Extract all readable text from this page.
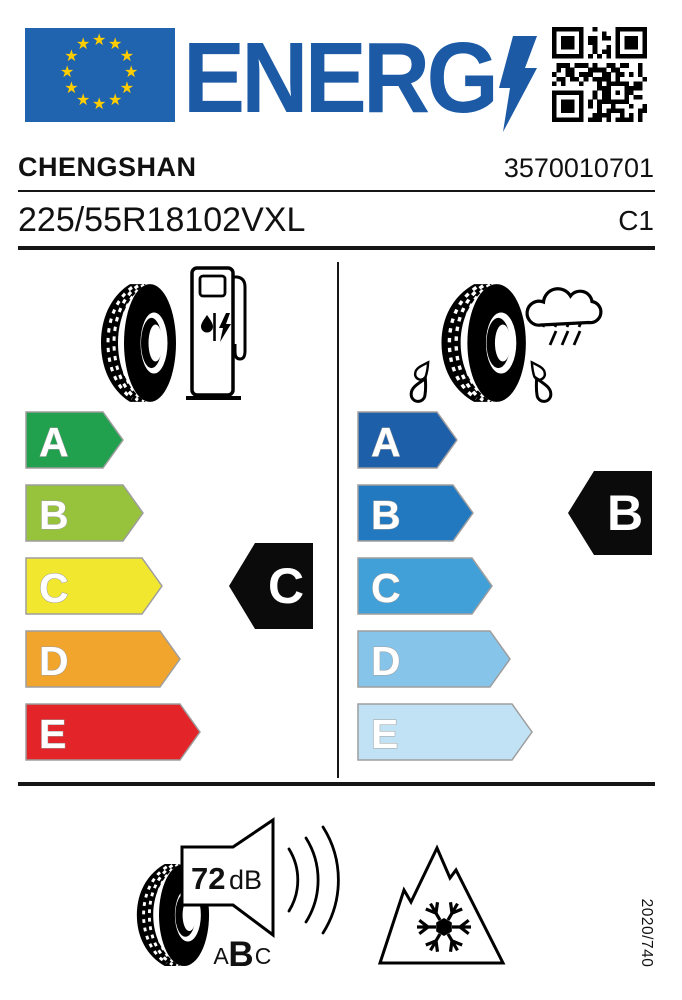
★ ★
★
★
★
★
★
★
★
★
★
★ ENERG
CHENGSHAN	3570010701
225/55R18102VXL	C1
A
B
C
D
E
A
B
C
D
E
72 dB
A B C	2020/740
C
B
